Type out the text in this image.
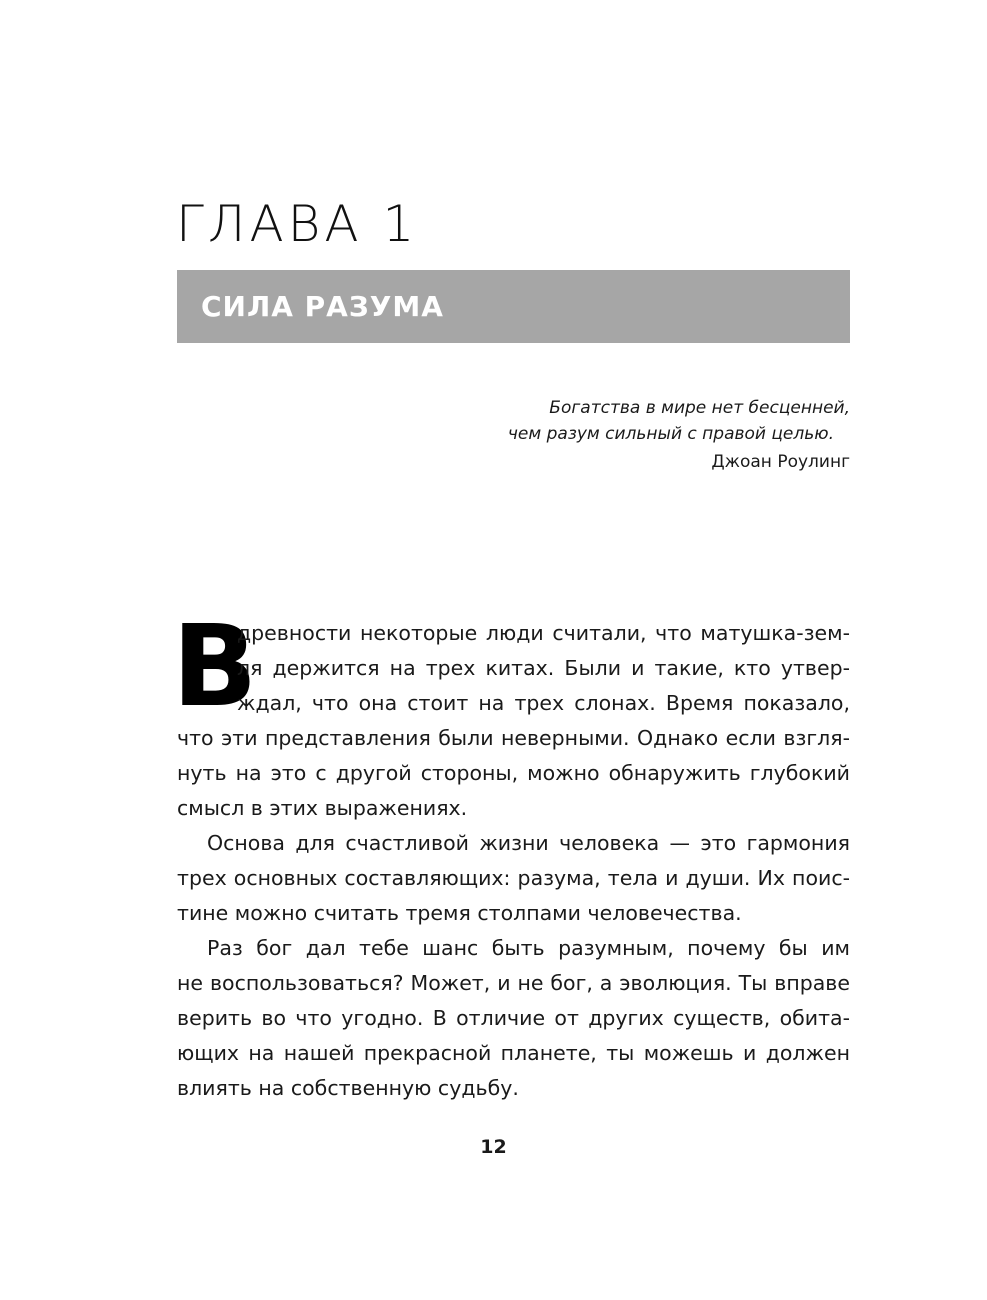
ГЛАВА 1
СИЛА РАЗУМА
Богатства в мире нет бесценней,
чем разум сильный с правой целью.
Джоан Роулинг
В
древности некоторые люди считали, что матушка-зем-
ля держится на трех китах. Были и такие, кто утвер-
ждал, что она стоит на трех слонах. Время показало,
что эти представления были неверными. Однако если взгля-
нуть на это с другой стороны, можно обнаружить глубокий
смысл в этих выражениях.
Основа для счастливой жизни человека — это гармония
трех основных составляющих: разума, тела и души. Их поис-
тине можно считать тремя столпами человечества.
Раз бог дал тебе шанс быть разумным, почему бы им
не воспользоваться? Может, и не бог, а эволюция. Ты вправе
верить во что угодно. В отличие от других существ, обита-
ющих на нашей прекрасной планете, ты можешь и должен
влиять на собственную судьбу.
12
